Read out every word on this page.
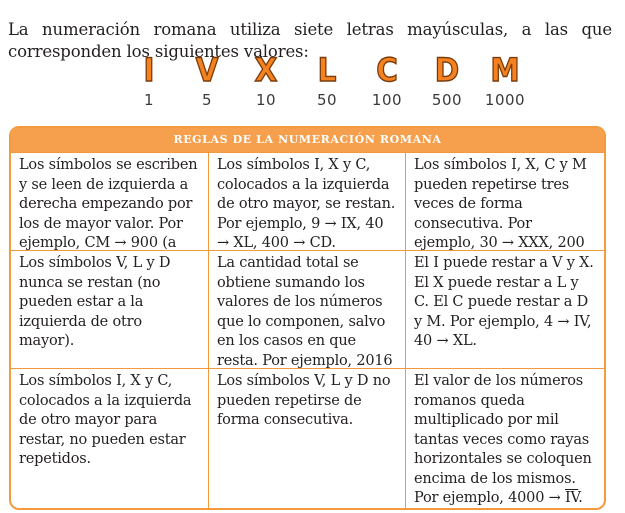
La numeración romana utiliza siete letras mayúsculas, a las que corresponden los siguientes valores:

I
1
V
5
X
10
L
50
C
100
D
500
M
1000
REGLAS DE LA NUMERACIÓN ROMANA
Los símbolos se escriben y se leen de izquierda a derecha empezando por los de mayor valor. Por ejemplo, CM → 900 (a
Los símbolos I, X y C, colocados a la izquierda de otro mayor, se restan. Por ejemplo, 9 → IX, 40 → XL, 400 → CD.
Los símbolos I, X, C y M pueden repetirse tres veces de forma consecutiva. Por ejemplo, 30 → XXX, 200
Los símbolos V, L y D nunca se restan (no pueden estar a la izquierda de otro mayor).
La cantidad total se obtiene sumando los valores de los números que lo componen, salvo en los casos en que resta. Por ejemplo, 2016
El I puede restar a V y X. El X puede restar a L y C. El C puede restar a D y M. Por ejemplo, 4 → IV, 40 → XL.
Los símbolos I, X y C, colocados a la izquierda de otro mayor para restar, no pueden estar repetidos.
Los símbolos V, L y D no pueden repetirse de forma consecutiva.
El valor de los números romanos queda multiplicado por mil tantas veces como rayas horizontales se coloquen encima de los mismos. Por ejemplo, $4000 \to \overline{IV}$.
